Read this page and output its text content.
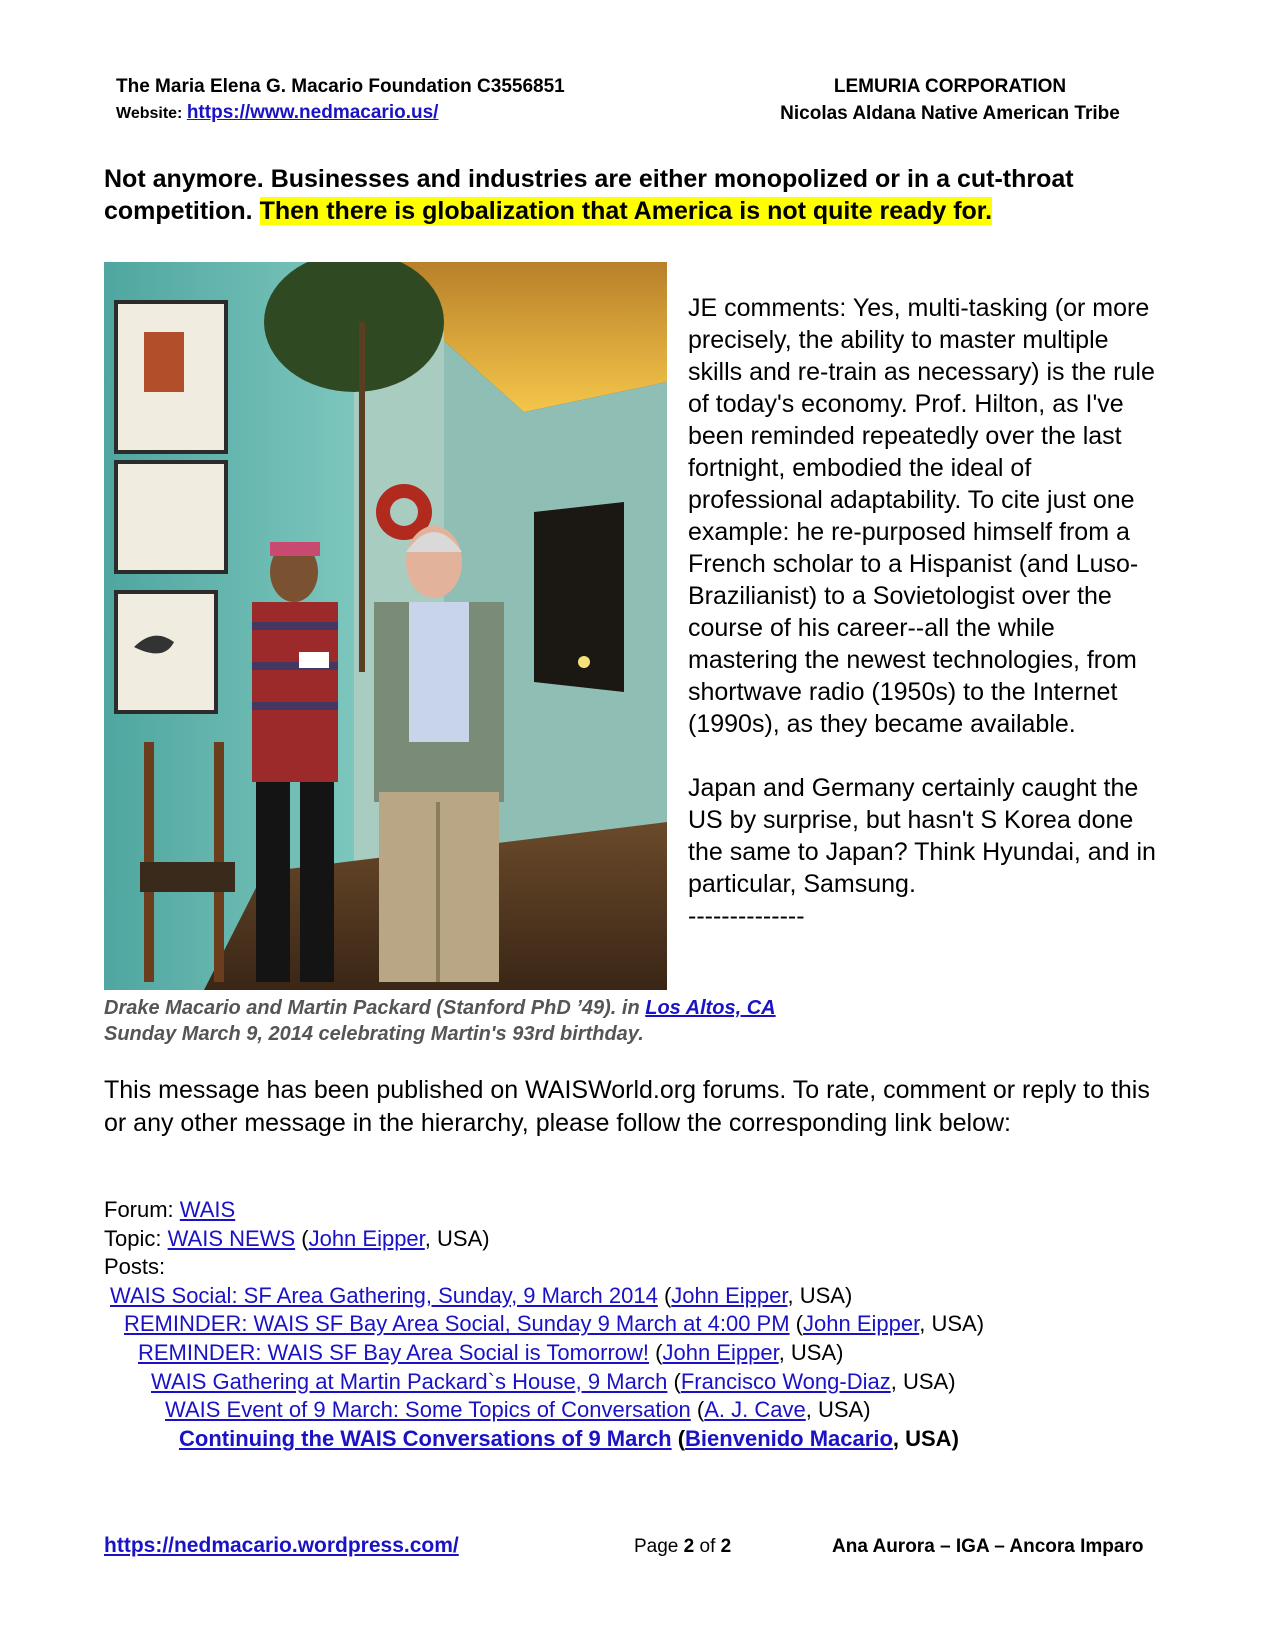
The Maria Elena G. Macario Foundation C3556851
Website: https://www.nedmacario.us/
LEMURIA CORPORATION
Nicolas Aldana Native American Tribe
Not anymore. Businesses and industries are either monopolized or in a cut-throat competition. Then there is globalization that America is not quite ready for.

JE comments: Yes, multi-tasking (or more precisely, the ability to master multiple skills and re-train as necessary) is the rule of today's economy. Prof. Hilton, as I've been reminded repeatedly over the last fortnight, embodied the ideal of professional adaptability. To cite just one example: he re-purposed himself from a French scholar to a Hispanist (and Luso-Brazilianist) to a Sovietologist over the course of his career--all the while mastering the newest technologies, from shortwave radio (1950s) to the Internet (1990s), as they became available.

Japan and Germany certainly caught the US by surprise, but hasn't S Korea done the same to Japan? Think Hyundai, and in particular, Samsung.

--------------

Drake Macario and Martin Packard (Stanford PhD ’49). in Los Altos, CA
Sunday March 9, 2014 celebrating Martin's 93rd birthday.
This message has been published on WAISWorld.org forums. To rate, comment or reply to this or any other message in the hierarchy, please follow the corresponding link below:
Forum: WAIS
Topic: WAIS NEWS (John Eipper, USA)
Posts:
WAIS Social: SF Area Gathering, Sunday, 9 March 2014 (John Eipper, USA)
REMINDER: WAIS SF Bay Area Social, Sunday 9 March at 4:00 PM (John Eipper, USA)
REMINDER: WAIS SF Bay Area Social is Tomorrow! (John Eipper, USA)
WAIS Gathering at Martin Packard`s House, 9 March (Francisco Wong-Diaz, USA)
WAIS Event of 9 March: Some Topics of Conversation (A. J. Cave, USA)
Continuing the WAIS Conversations of 9 March (Bienvenido Macario, USA)
https://nedmacario.wordpress.com/	Page 2 of 2	Ana Aurora – IGA – Ancora Imparo
